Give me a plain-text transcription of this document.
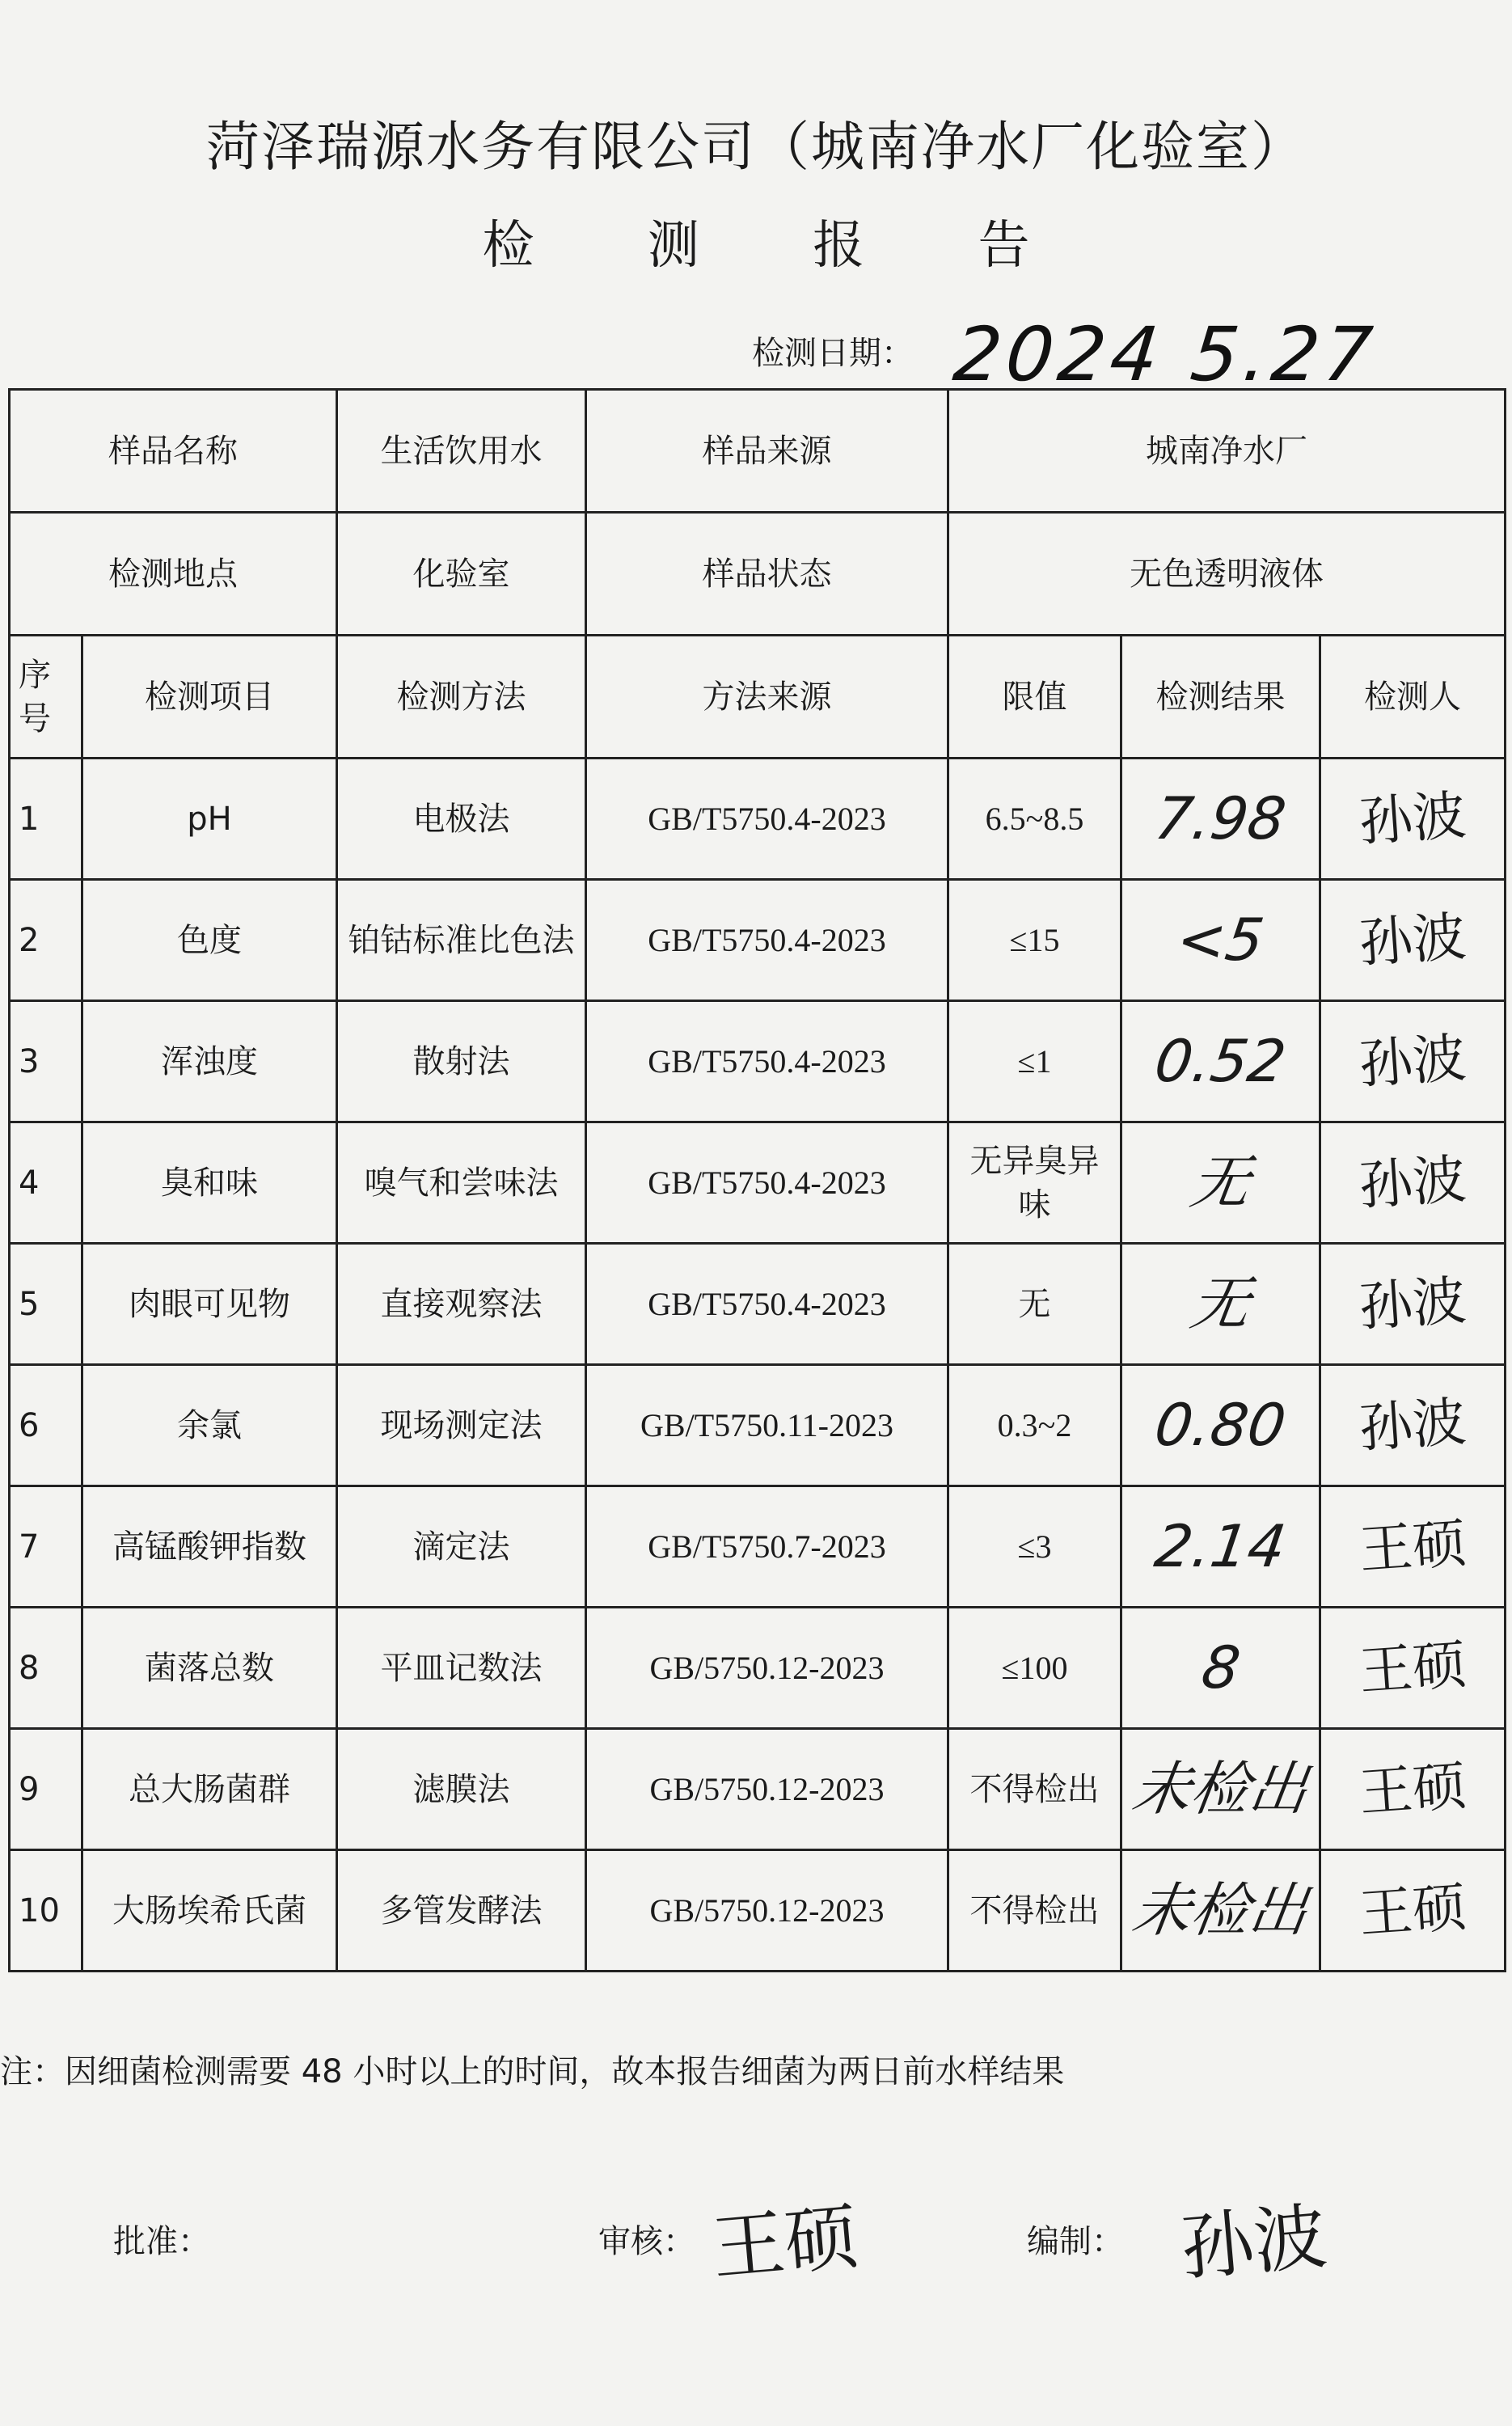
菏泽瑞源水务有限公司（城南净水厂化验室）
检 测 报 告
检测日期： 2024 5.27
样品名称		生活饮用水	样品来源	城南净水厂		
检测地点		化验室	样品状态	无色透明液体		
序号	检测项目	检测方法	方法来源	限值	检测结果	检测人
1	pH	电极法	GB/T5750.4-2023	6.5~8.5	7.98	孙波
2	色度	铂钴标准比色法	GB/T5750.4-2023	≤15	<5	孙波
3	浑浊度	散射法	GB/T5750.4-2023	≤1	0.52	孙波
4	臭和味	嗅气和尝味法	GB/T5750.4-2023	无异臭异味	无	孙波
5	肉眼可见物	直接观察法	GB/T5750.4-2023	无	无	孙波
6	余氯	现场测定法	GB/T5750.11-2023	0.3~2	0.80	孙波
7	高锰酸钾指数	滴定法	GB/T5750.7-2023	≤3	2.14	王硕
8	菌落总数	平皿记数法	GB/5750.12-2023	≤100	8	王硕
9	总大肠菌群	滤膜法	GB/5750.12-2023	不得检出	未检出	王硕
10	大肠埃希氏菌	多管发酵法	GB/5750.12-2023	不得检出	未检出	王硕
注：因细菌检测需要 48 小时以上的时间，故本报告细菌为两日前水样结果
批准：	审核： 王硕	编制： 孙波
